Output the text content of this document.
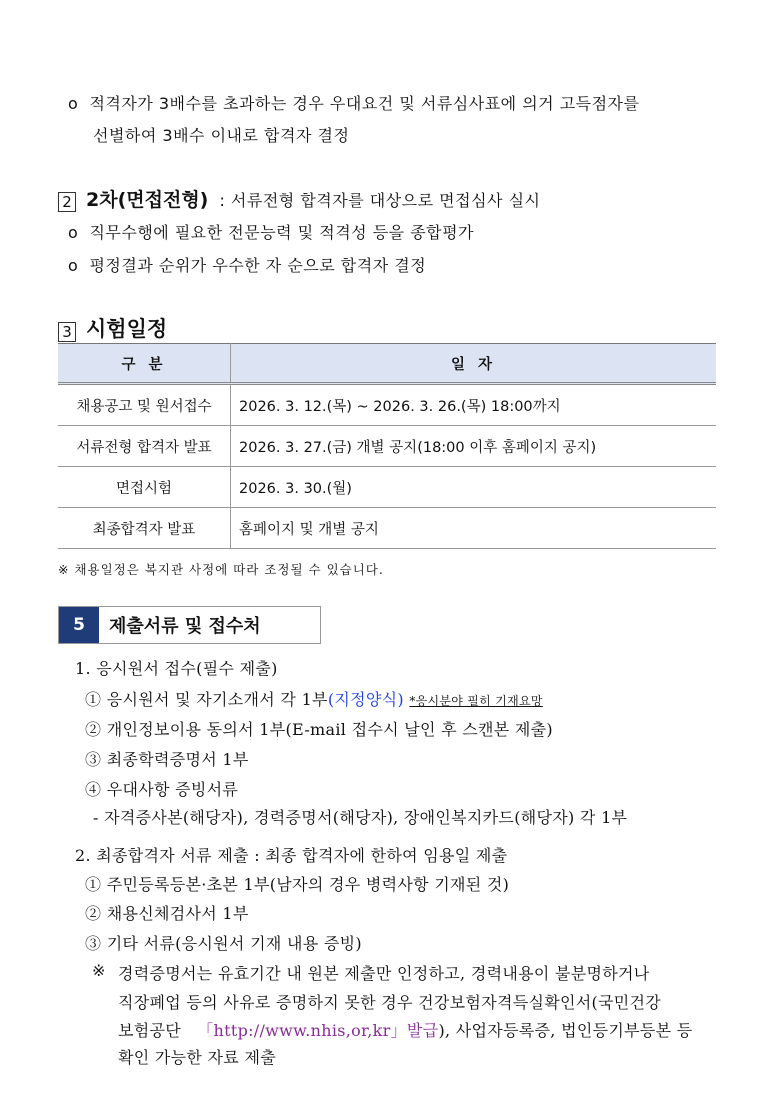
o 적격자가 3배수를 초과하는 경우 우대요건 및 서류심사표에 의거 고득점자를
선별하여 3배수 이내로 합격자 결정
2 2차(면접전형) : 서류전형 합격자를 대상으로 면접심사 실시
o  직무수행에 필요한 전문능력 및 적격성 등을 종합평가
o  평정결과 순위가 우수한 자 순으로 합격자 결정
3 시험일정
구 분	일 자
채용공고 및 원서접수	2026. 3. 12.(목) ~ 2026. 3. 26.(목) 18:00까지
서류전형 합격자 발표	2026. 3. 27.(금) 개별 공지(18:00 이후 홈페이지 공지)
면접시험	2026. 3. 30.(월)
최종합격자 발표	홈페이지 및 개별 공지
※ 채용일정은 복지관 사정에 따라 조정될 수 있습니다.
5	제출서류 및 접수처
1. 응시원서 접수(필수 제출)
① 응시원서 및 자기소개서 각 1부(지정양식) *응시분야 필히 기재요망
② 개인정보이용 동의서 1부(E-mail 접수시 날인 후 스캔본 제출)
③ 최종학력증명서 1부
④ 우대사항 증빙서류
- 자격증사본(해당자), 경력증명서(해당자), 장애인복지카드(해당자) 각 1부
2. 최종합격자 서류 제출 : 최종 합격자에 한하여 임용일 제출
① 주민등록등본·초본 1부(남자의 경우 병력사항 기재된 것)
② 채용신체검사서 1부
③ 기타 서류(응시원서 기재 내용 증빙)
※ 경력증명서는 유효기간 내 원본 제출만 인정하고, 경력내용이 불분명하거나
직장폐업 등의 사유로 증명하지 못한 경우 건강보험자격득실확인서(국민건강
보험공단 「http://www.nhis,or,kr」발급), 사업자등록증, 법인등기부등본 등
확인 가능한 자료 제출
